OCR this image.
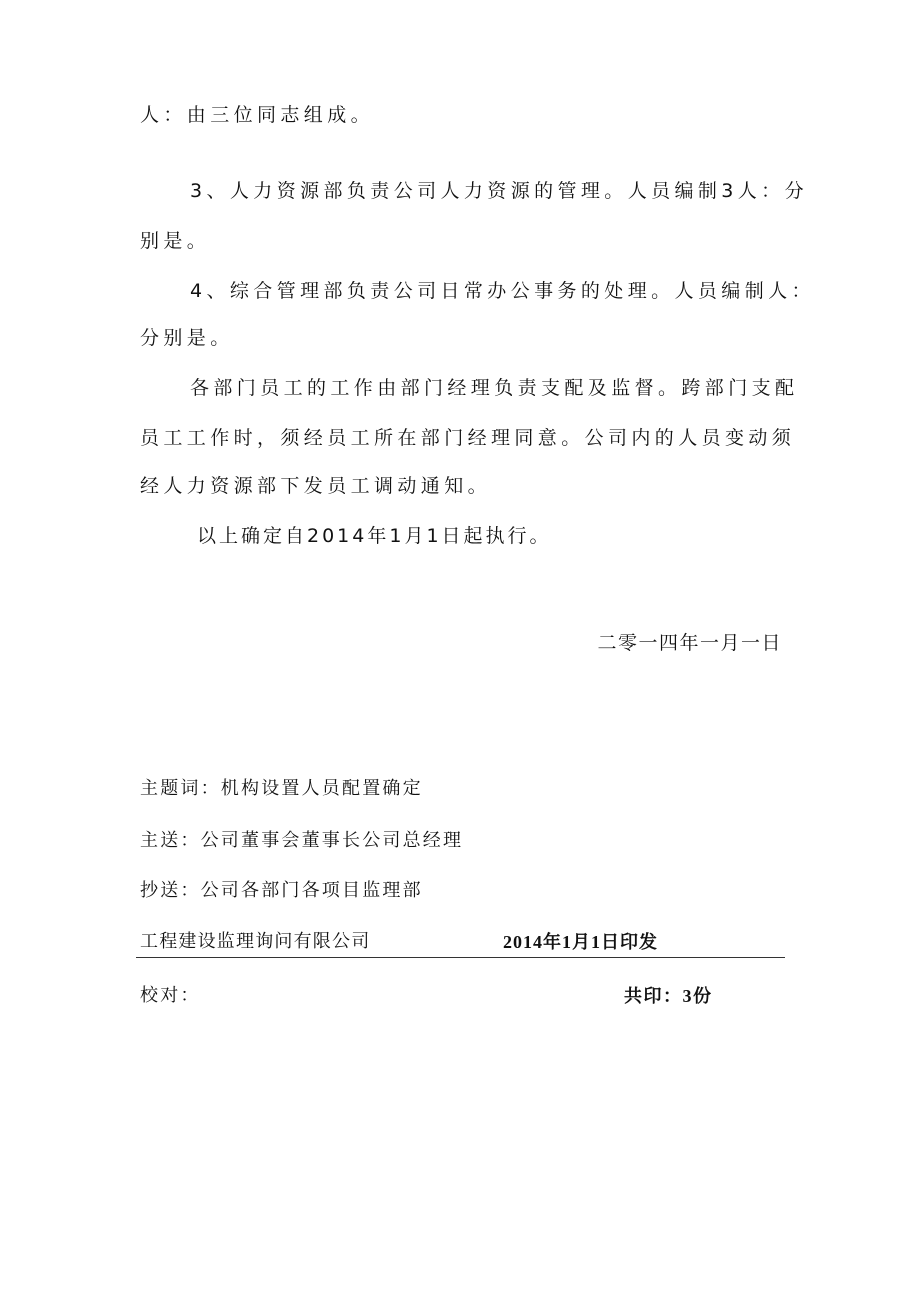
人：由三位同志组成。
3、人力资源部负责公司人力资源的管理。人员编制3人：分
别是。
4、综合管理部负责公司日常办公事务的处理。人员编制人：
分别是。
各部门员工的工作由部门经理负责支配及监督。跨部门支配
员工工作时，须经员工所在部门经理同意。公司内的人员变动须
经人力资源部下发员工调动通知。
以上确定自2014年1月1日起执行。
二零一四年一月一日
主题词：机构设置人员配置确定
主送：公司董事会董事长公司总经理
抄送：公司各部门各项目监理部
工程建设监理询问有限公司	2014年1月1日印发
校对：	共印：3份
